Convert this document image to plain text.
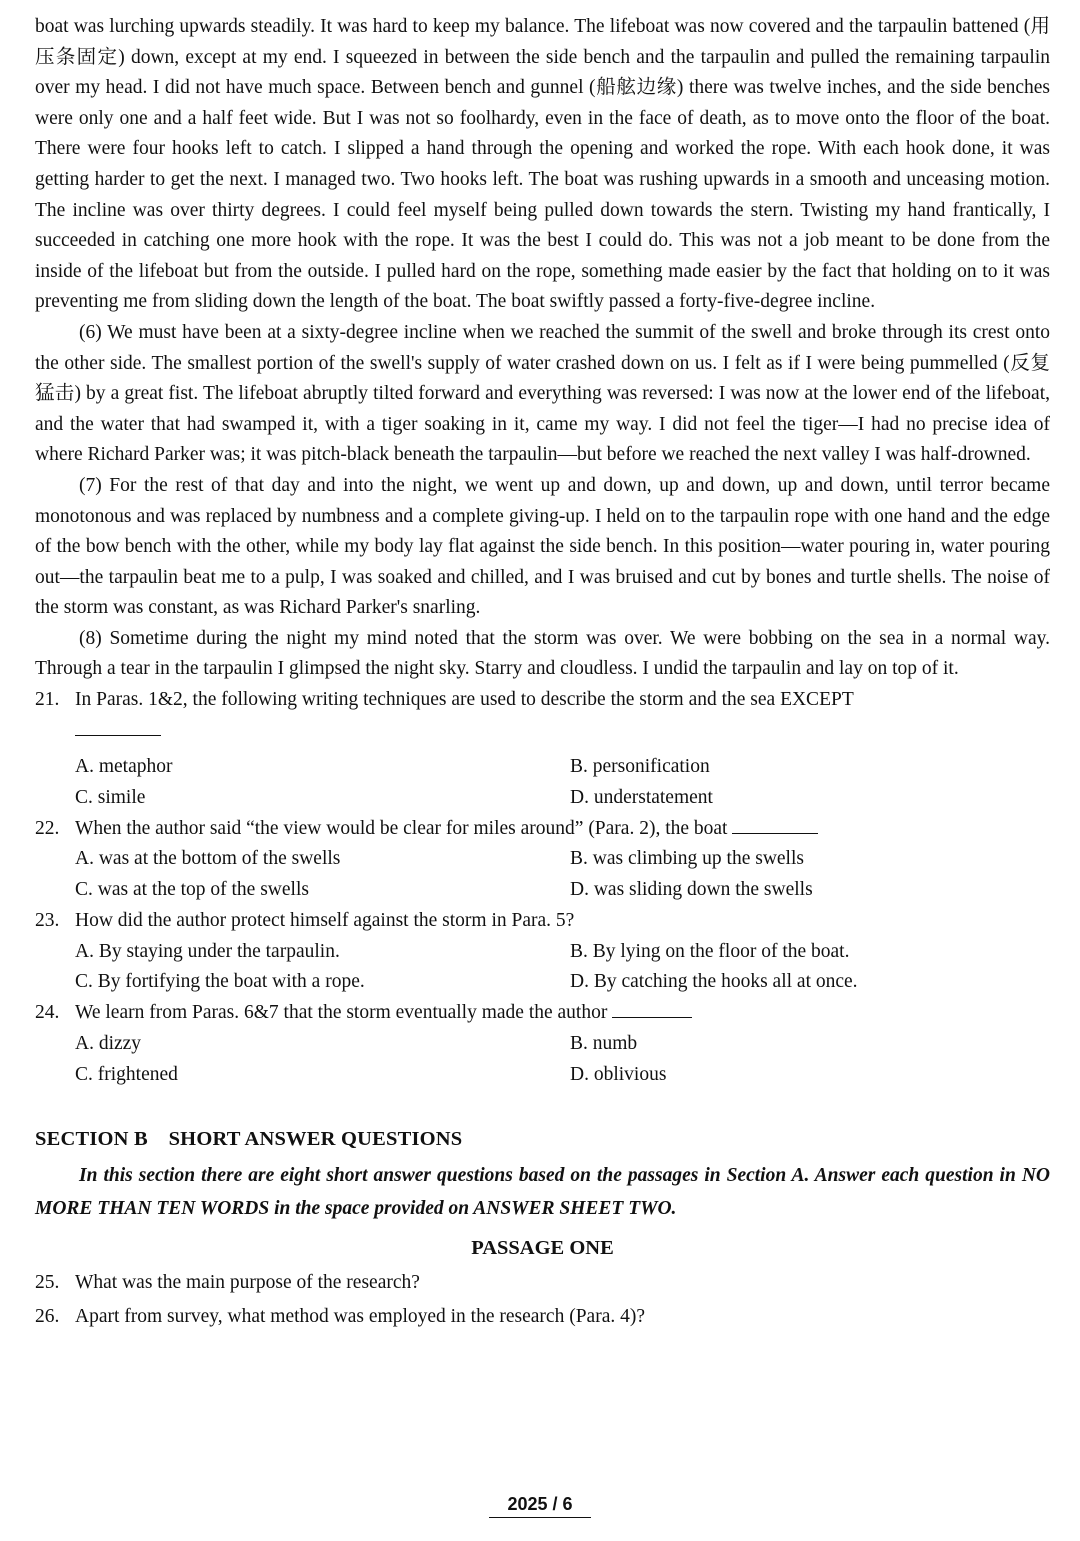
boat was lurching upwards steadily. It was hard to keep my balance. The lifeboat was now covered and the tarpaulin battened (用压条固定) down, except at my end. I squeezed in between the side bench and the tarpaulin and pulled the remaining tarpaulin over my head. I did not have much space. Between bench and gunnel (船舷边缘) there was twelve inches, and the side benches were only one and a half feet wide. But I was not so foolhardy, even in the face of death, as to move onto the floor of the boat. There were four hooks left to catch. I slipped a hand through the opening and worked the rope. With each hook done, it was getting harder to get the next. I managed two. Two hooks left. The boat was rushing upwards in a smooth and unceasing motion. The incline was over thirty degrees. I could feel myself being pulled down towards the stern. Twisting my hand frantically, I succeeded in catching one more hook with the rope. It was the best I could do. This was not a job meant to be done from the inside of the lifeboat but from the outside. I pulled hard on the rope, something made easier by the fact that holding on to it was preventing me from sliding down the length of the boat. The boat swiftly passed a forty-five-degree incline.

(6) We must have been at a sixty-degree incline when we reached the summit of the swell and broke through its crest onto the other side. The smallest portion of the swell's supply of water crashed down on us. I felt as if I were being pummelled (反复猛击) by a great fist. The lifeboat abruptly tilted forward and everything was reversed: I was now at the lower end of the lifeboat, and the water that had swamped it, with a tiger soaking in it, came my way. I did not feel the tiger—I had no precise idea of where Richard Parker was; it was pitch-black beneath the tarpaulin—but before we reached the next valley I was half-drowned.

(7) For the rest of that day and into the night, we went up and down, up and down, up and down, until terror became monotonous and was replaced by numbness and a complete giving-up. I held on to the tarpaulin rope with one hand and the edge of the bow bench with the other, while my body lay flat against the side bench. In this position—water pouring in, water pouring out—the tarpaulin beat me to a pulp, I was soaked and chilled, and I was bruised and cut by bones and turtle shells. The noise of the storm was constant, as was Richard Parker's snarling.

(8) Sometime during the night my mind noted that the storm was over. We were bobbing on the sea in a normal way. Through a tear in the tarpaulin I glimpsed the night sky. Starry and cloudless. I undid the tarpaulin and lay on top of it.

21. In Paras. 1&2, the following writing techniques are used to describe the storm and the sea EXCEPT

A. metaphor	B. personification
C. simile	D. understatement
22. When the author said “the view would be clear for miles around” (Para. 2), the boat
A. was at the bottom of the swells	B. was climbing up the swells
C. was at the top of the swells	D. was sliding down the swells
23. How did the author protect himself against the storm in Para. 5?
A. By staying under the tarpaulin.	B. By lying on the floor of the boat.
C. By fortifying the boat with a rope.	D. By catching the hooks all at once.
24. We learn from Paras. 6&7 that the storm eventually made the author
A. dizzy	B. numb
C. frightened	D. oblivious
SECTION B SHORT ANSWER QUESTIONS

In this section there are eight short answer questions based on the passages in Section A. Answer each question in NO MORE THAN TEN WORDS in the space provided on ANSWER SHEET TWO.

PASSAGE ONE
25. What was the main purpose of the research?
26. Apart from survey, what method was employed in the research (Para. 4)?
2025 / 6
